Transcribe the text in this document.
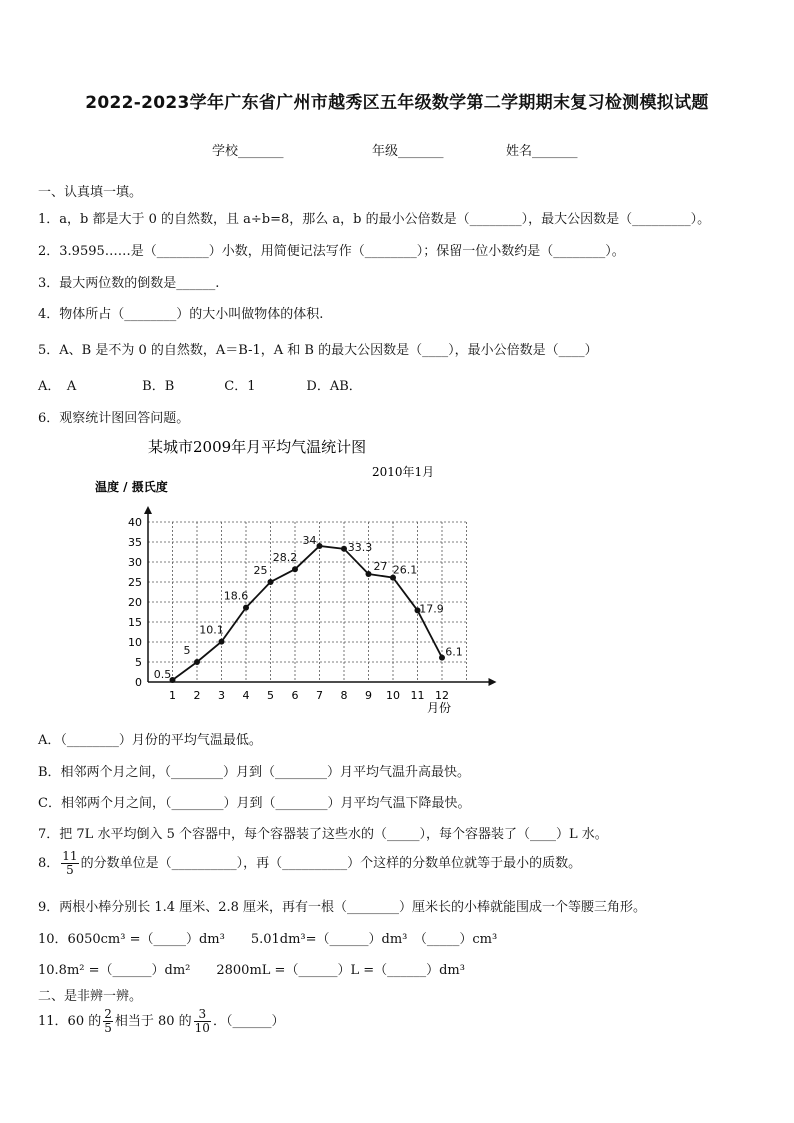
2022-2023学年广东省广州市越秀区五年级数学第二学期期末复习检测模拟试题
学校_______	年级_______	姓名_______
一、认真填一填。
1．a，b 都是大于 0 的自然数，且 a÷b=8，那么 a，b 的最小公倍数是（________），最大公因数是（_________）。
2．3.9595……是（________）小数，用简便记法写作（________）；保留一位小数约是（________）。
3．最大两位数的倒数是______.
4．物体所占（________）的大小叫做物体的体积.
5．A、B 是不为 0 的自然数，A＝B-1，A 和 B 的最大公因数是（____），最小公倍数是（____）
A．　A	B．B	C．1	D．AB．
6．观察统计图回答问题。
某城市2009年月平均气温统计图
2010年1月
温度 / 摄氏度
月份
0
5
10
15
20
25
30
35
40
1 2 3 4 5 6 7 8 9 10 11 12
0.5
5
10.1
18.6
25
28.2
34
33.3
27 26.1
17.9
6.1
A．（________）月份的平均气温最低。
B．相邻两个月之间，（________）月到（________）月平均气温升高最快。
C．相邻两个月之间，（________）月到（________）月平均气温下降最快。
7．把 7L 水平均倒入 5 个容器中，每个容器装了这些水的（_____），每个容器装了（____）L 水。
8． $\frac{11}{5}$ 的分数单位是（__________），再（__________）个这样的分数单位就等于最小的质数。
9．两根小棒分别长 1.4 厘米、2.8 厘米，再有一根（________）厘米长的小棒就能围成一个等腰三角形。
10．6050cm³ =（_____）dm³　　5.01dm³=（______）dm³　（_____）cm³
10.8m² =（______）dm²　　2800mL =（______）L =（______）dm³
二、是非辨一辨。
11．60 的 $\frac{2}{5}$ 相当于 80 的 $\frac{3}{10}$ ．（______）
